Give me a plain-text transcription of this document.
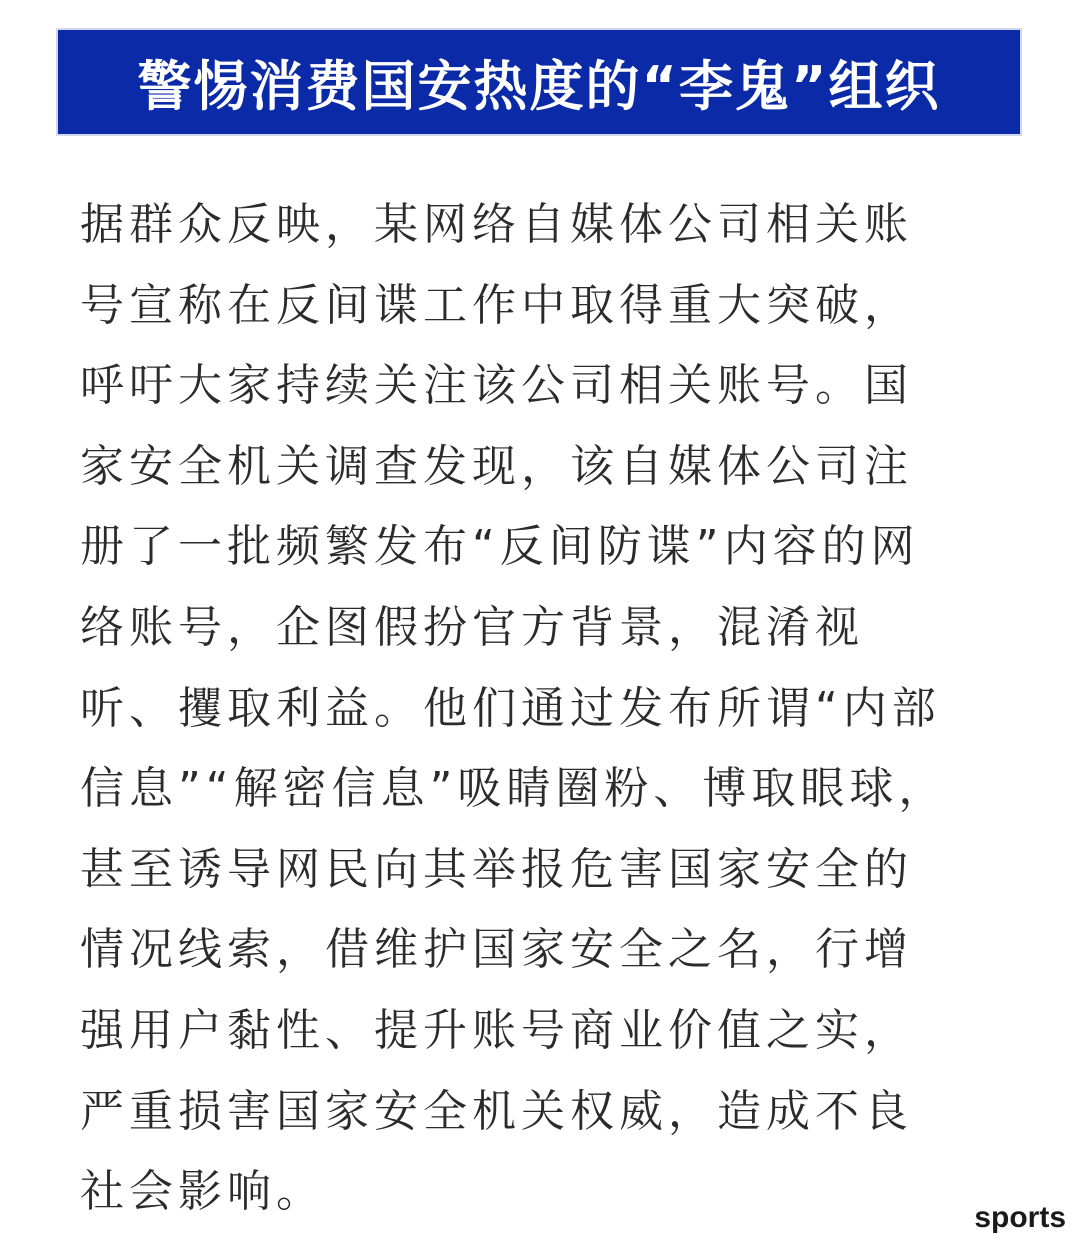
警惕消费国安热度的“李鬼”组织
据群众反映，某网络自媒体公司相关账
号宣称在反间谍工作中取得重大突破，
呼吁大家持续关注该公司相关账号。国
家安全机关调查发现，该自媒体公司注
册了一批频繁发布“反间防谍”内容的网
络账号，企图假扮官方背景，混淆视
听、攫取利益。他们通过发布所谓“内部
信息”“解密信息”吸睛圈粉、博取眼球，
甚至诱导网民向其举报危害国家安全的
情况线索，借维护国家安全之名，行增
强用户黏性、提升账号商业价值之实，
严重损害国家安全机关权威，造成不良
社会影响。
sports
